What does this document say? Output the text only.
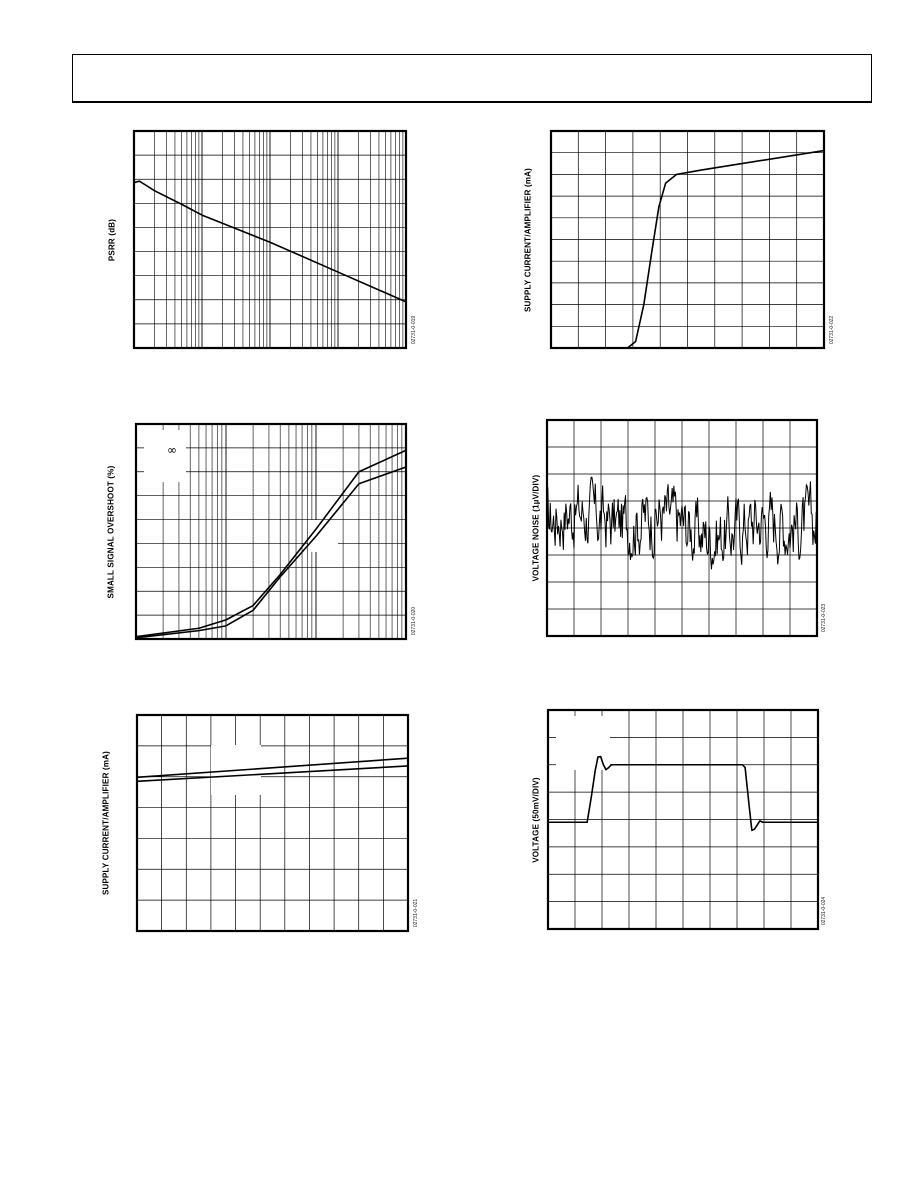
∞
PSRR (dB)
02731-0-019
SUPPLY CURRENT/AMPLIFIER (mA)
02731-0-022
SMALL SIGNAL OVERSHOOT (%)
02731-0-020
VOLTAGE NOISE (1µV/DIV)
02731-0-023
SUPPLY CURRENT/AMPLIFIER (mA)
02731-0-021
VOLTAGE (50mV/DIV)
02731-0-024
